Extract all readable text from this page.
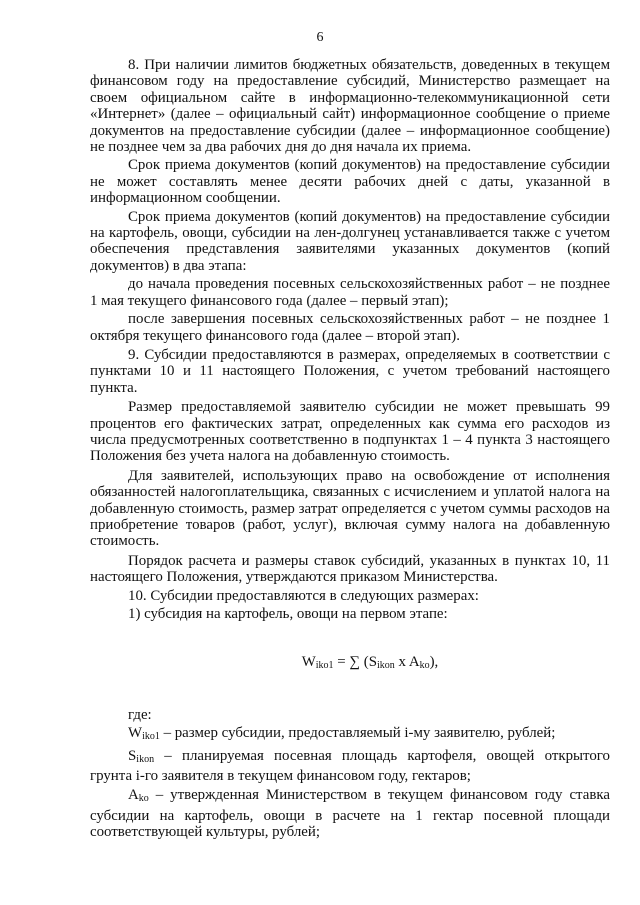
6

8. При наличии лимитов бюджетных обязательств, доведенных в текущем финансовом году на предоставление субсидий, Министерство размещает на своем официальном сайте в информационно-телекоммуникационной сети «Интернет» (далее – официальный сайт) информационное сообщение о приеме документов на предоставление субсидии (далее – информационное сообщение) не позднее чем за два рабочих дня до дня начала их приема.

Срок приема документов (копий документов) на предоставление субсидии не может составлять менее десяти рабочих дней с даты, указанной в информационном сообщении.

Срок приема документов (копий документов) на предоставление субсидии на картофель, овощи, субсидии на лен-долгунец устанавливается также с учетом обеспечения представления заявителями указанных документов (копий документов) в два этапа:

до начала проведения посевных сельскохозяйственных работ – не позднее 1 мая текущего финансового года (далее – первый этап);

после завершения посевных сельскохозяйственных работ – не позднее 1 октября текущего финансового года (далее – второй этап).

9. Субсидии предоставляются в размерах, определяемых в соответствии с пунктами 10 и 11 настоящего Положения, с учетом требований настоящего пункта.

Размер предоставляемой заявителю субсидии не может превышать 99 процентов его фактических затрат, определенных как сумма его расходов из числа предусмотренных соответственно в подпунктах 1 – 4 пункта 3 настоящего Положения без учета налога на добавленную стоимость.

Для заявителей, использующих право на освобождение от исполнения обязанностей налогоплательщика, связанных с исчислением и уплатой налога на добавленную стоимость, размер затрат определяется с учетом суммы расходов на приобретение товаров (работ, услуг), включая сумму налога на добавленную стоимость.

Порядок расчета и размеры ставок субсидий, указанных в пунктах 10, 11 настоящего Положения, утверждаются приказом Министерства.

10. Субсидии предоставляются в следующих размерах:

1) субсидия на картофель, овощи на первом этапе:

$W_{iko1}$ = ∑ ($S_{ikon}$ x $A_{ko}$),

где:

$W_{iko1}$ – размер субсидии, предоставляемый i-му заявителю, рублей;

$S_{ikon}$ – планируемая посевная площадь картофеля, овощей открытого грунта i-го заявителя в текущем финансовом году, гектаров;

$A_{ko}$ – утвержденная Министерством в текущем финансовом году ставка субсидии на картофель, овощи в расчете на 1 гектар посевной площади соответствующей культуры, рублей;
